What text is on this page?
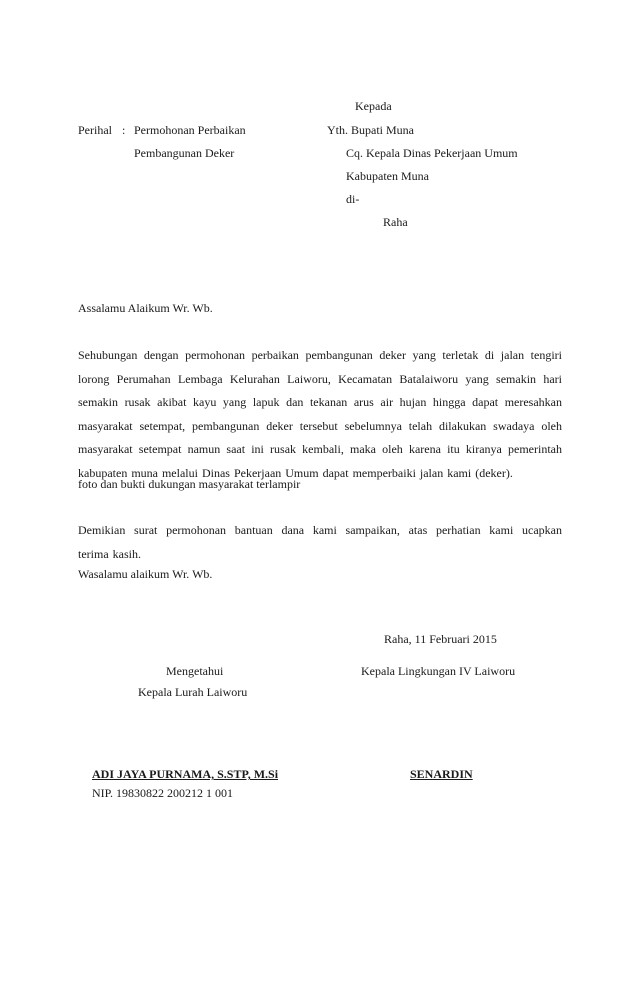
Kepada
Perihal : Permohonan Perbaikan
Pembangunan Deker
Yth. Bupati Muna
Cq. Kepala Dinas Pekerjaan Umum
Kabupaten Muna
di-
Raha
Assalamu Alaikum Wr. Wb.
Sehubungan dengan permohonan perbaikan pembangunan deker yang terletak di jalan tengiri
lorong Perumahan Lembaga Kelurahan Laiworu, Kecamatan Batalaiworu yang semakin hari
semakin rusak akibat kayu yang lapuk dan tekanan arus air hujan hingga dapat meresahkan
masyarakat setempat, pembangunan deker tersebut sebelumnya telah dilakukan swadaya oleh
masyarakat setempat namun saat ini rusak kembali, maka oleh karena itu kiranya pemerintah
kabupaten muna melalui Dinas Pekerjaan Umum dapat memperbaiki jalan kami (deker).
foto dan bukti dukungan masyarakat terlampir
Demikian surat permohonan bantuan dana kami sampaikan, atas perhatian kami ucapkan
terima kasih.
Wasalamu alaikum Wr. Wb.
Raha, 11 Februari 2015
Mengetahui
Kepala Lurah Laiworu
Kepala Lingkungan IV Laiworu
ADI JAYA PURNAMA, S.STP, M.Si
NIP. 19830822 200212 1 001
SENARDIN
